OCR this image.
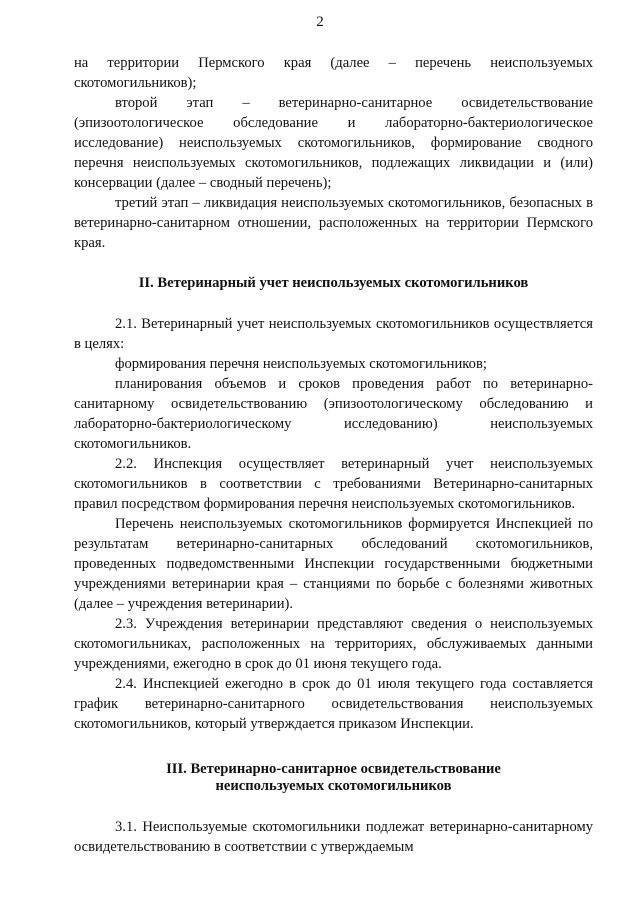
2

на территории Пермского края (далее – перечень неиспользуемых скотомогильников);

второй этап – ветеринарно-санитарное освидетельствование (эпизоотологическое обследование и лабораторно-бактериологическое исследование) неиспользуемых скотомогильников, формирование сводного перечня неиспользуемых скотомогильников, подлежащих ликвидации и (или) консервации (далее – сводный перечень);

третий этап – ликвидация неиспользуемых скотомогильников, безопасных в ветеринарно-санитарном отношении, расположенных на территории Пермского края.

II. Ветеринарный учет неиспользуемых скотомогильников

2.1. Ветеринарный учет неиспользуемых скотомогильников осуществляется в целях:

формирования перечня неиспользуемых скотомогильников;

планирования объемов и сроков проведения работ по ветеринарно-санитарному освидетельствованию (эпизоотологическому обследованию и лабораторно-бактериологическому исследованию) неиспользуемых скотомогильников.

2.2. Инспекция осуществляет ветеринарный учет неиспользуемых скотомогильников в соответствии с требованиями Ветеринарно-санитарных правил посредством формирования перечня неиспользуемых скотомогильников.

Перечень неиспользуемых скотомогильников формируется Инспекцией по результатам ветеринарно-санитарных обследований скотомогильников, проведенных подведомственными Инспекции государственными бюджетными учреждениями ветеринарии края – станциями по борьбе с болезнями животных (далее – учреждения ветеринарии).

2.3. Учреждения ветеринарии представляют сведения о неиспользуемых скотомогильниках, расположенных на территориях, обслуживаемых данными учреждениями, ежегодно в срок до 01 июня текущего года.

2.4. Инспекцией ежегодно в срок до 01 июля текущего года составляется график ветеринарно-санитарного освидетельствования неиспользуемых скотомогильников, который утверждается приказом Инспекции.

III. Ветеринарно-санитарное освидетельствование
неиспользуемых скотомогильников

3.1. Неиспользуемые скотомогильники подлежат ветеринарно-санитарному освидетельствованию в соответствии с утверждаемым
